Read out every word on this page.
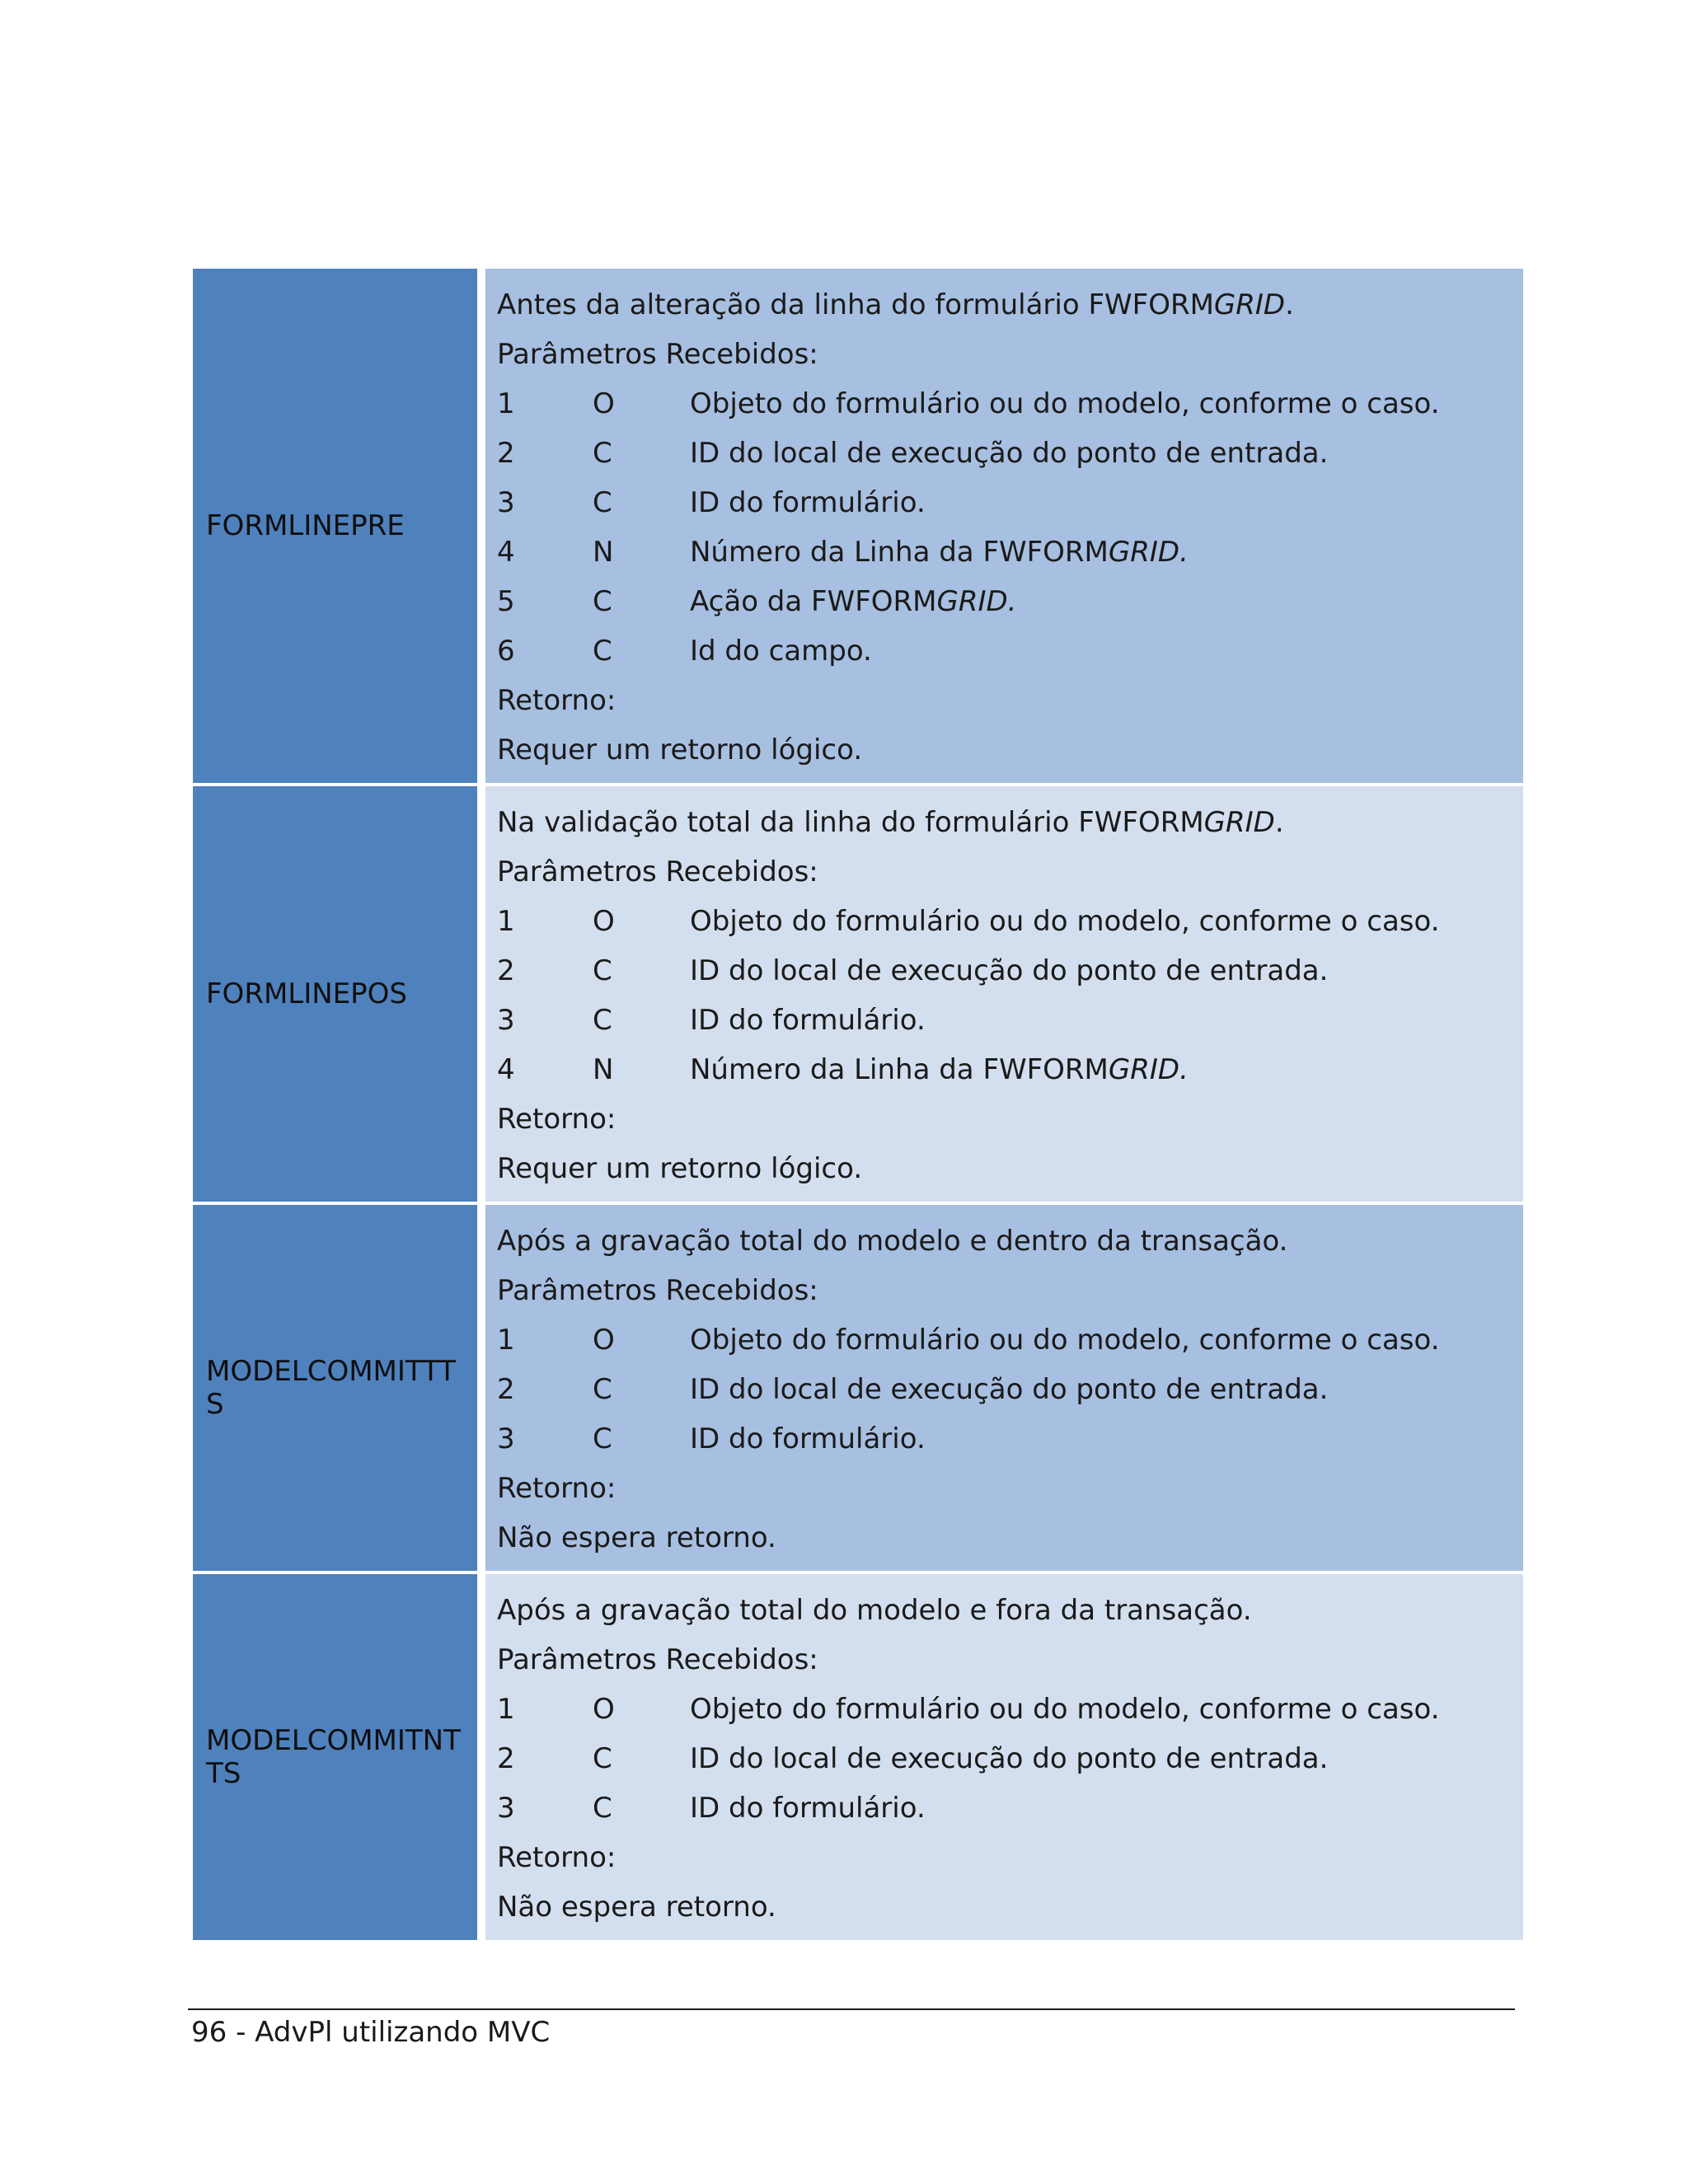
FORMLINEPRE
Antes da alteração da linha do formulário FWFORMGRID.
Parâmetros Recebidos:
1	O	Objeto do formulário ou do modelo, conforme o caso.
2	C	ID do local de execução do ponto de entrada.
3	C	ID do formulário.
4	N	Número da Linha da FWFORMGRID.
5	C	Ação da FWFORMGRID.
6	C	Id do campo.
Retorno:
Requer um retorno lógico.
FORMLINEPOS
Na validação total da linha do formulário FWFORMGRID.
Parâmetros Recebidos:
1	O	Objeto do formulário ou do modelo, conforme o caso.
2	C	ID do local de execução do ponto de entrada.
3	C	ID do formulário.
4	N	Número da Linha da FWFORMGRID.
Retorno:
Requer um retorno lógico.
MODELCOMMITTT
S
Após a gravação total do modelo e dentro da transação.
Parâmetros Recebidos:
1	O	Objeto do formulário ou do modelo, conforme o caso.
2	C	ID do local de execução do ponto de entrada.
3	C	ID do formulário.
Retorno:
Não espera retorno.
MODELCOMMITNT
TS
Após a gravação total do modelo e fora da transação.
Parâmetros Recebidos:
1	O	Objeto do formulário ou do modelo, conforme o caso.
2	C	ID do local de execução do ponto de entrada.
3	C	ID do formulário.
Retorno:
Não espera retorno.
96 - AdvPl utilizando MVC
